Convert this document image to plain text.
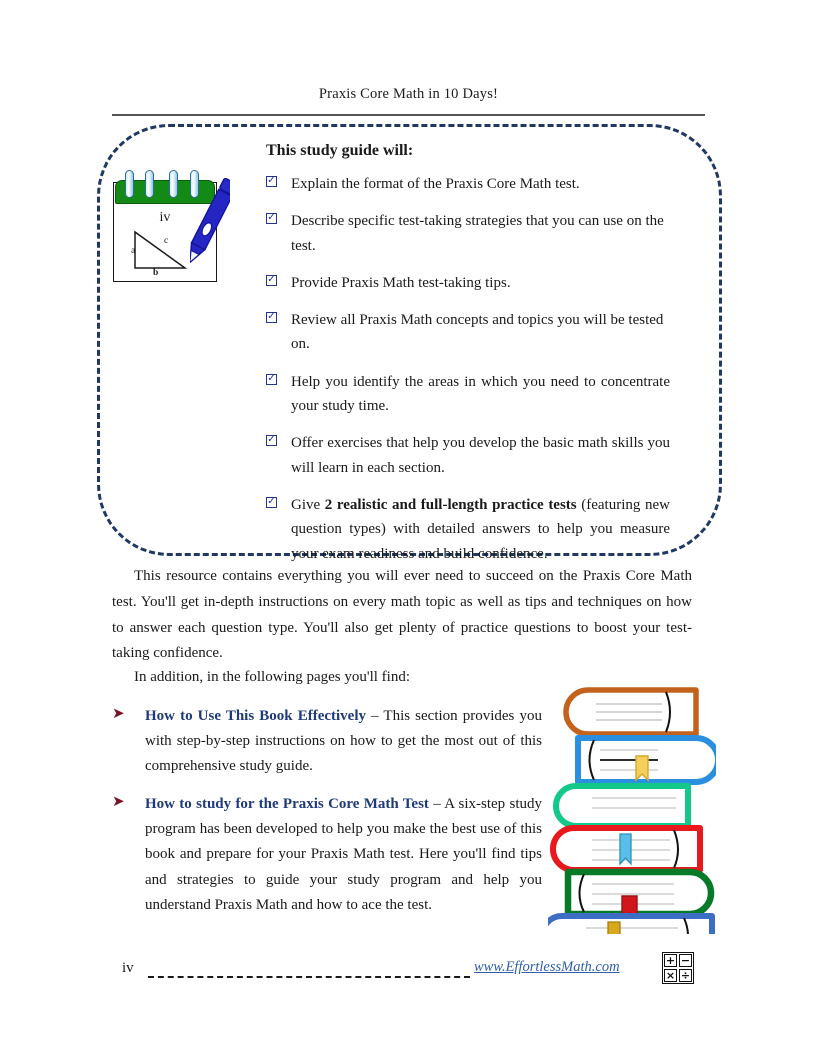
Praxis Core Math in 10 Days!
a
c
b
iv
This study guide will:
✓
Explain the format of the Praxis Core Math test.
✓
Describe specific test-taking strategies that you can use on the test.
✓
Provide Praxis Math test-taking tips.
✓
Review all Praxis Math concepts and topics you will be tested on.
✓
Help you identify the areas in which you need to concentrate your study time.
✓
Offer exercises that help you develop the basic math skills you will learn in each section.
✓
Give 2 realistic and full-length practice tests (featuring new question types) with detailed answers to help you measure your exam readiness and build confidence.
This resource contains everything you will ever need to succeed on the Praxis Core Math test. You'll get in-depth instructions on every math topic as well as tips and techniques on how to answer each question type. You'll also get plenty of practice questions to boost your test-taking confidence.
In addition, in the following pages you'll find:
➤ How to Use This Book Effectively – This section provides you with step-by-step instructions on how to get the most out of this comprehensive study guide.
➤ How to study for the Praxis Core Math Test – A six-step study program has been developed to help you make the best use of this book and prepare for your Praxis Math test. Here you'll find tips and strategies to guide your study program and help you understand Praxis Math and how to ace the test.
iv	www.EffortlessMath.com	+ −
× ÷
